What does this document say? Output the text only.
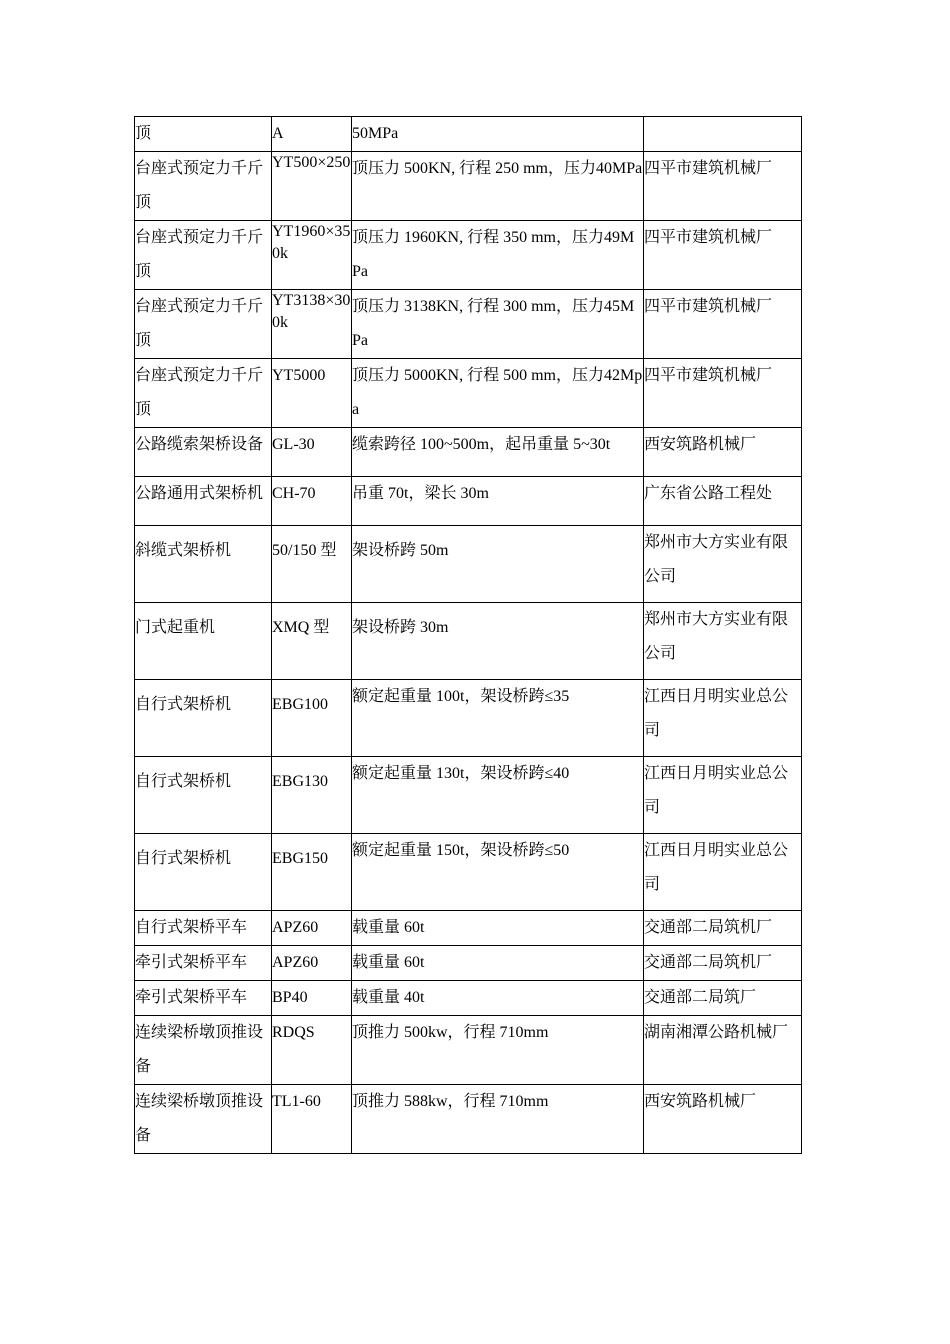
顶	A	50MPa	
台座式预定力千斤顶	YT500×250	顶压力 500KN, 行程 250 mm，压力40MPa	四平市建筑机械厂
台座式预定力千斤顶	YT1960×350k	顶压力 1960KN, 行程 350 mm，压力49MPa	四平市建筑机械厂
台座式预定力千斤顶	YT3138×300k	顶压力 3138KN, 行程 300 mm，压力45MPa	四平市建筑机械厂
台座式预定力千斤顶	YT5000	顶压力 5000KN, 行程 500 mm，压力42Mpa	四平市建筑机械厂
公路缆索架桥设备	GL-30	缆索跨径 100~500m，起吊重量 5~30t	西安筑路机械厂
公路通用式架桥机	CH-70	吊重 70t，梁长 30m	广东省公路工程处
斜缆式架桥机	50/150 型	架设桥跨 50m	郑州市大方实业有限公司
门式起重机	XMQ 型	架设桥跨 30m	郑州市大方实业有限公司
自行式架桥机	EBG100	额定起重量 100t，架设桥跨≤35	江西日月明实业总公司
自行式架桥机	EBG130	额定起重量 130t，架设桥跨≤40	江西日月明实业总公司
自行式架桥机	EBG150	额定起重量 150t，架设桥跨≤50	江西日月明实业总公司
自行式架桥平车	APZ60	载重量 60t	交通部二局筑机厂
牵引式架桥平车	APZ60	载重量 60t	交通部二局筑机厂
牵引式架桥平车	BP40	载重量 40t	交通部二局筑厂
连续梁桥墩顶推设备	RDQS	顶推力 500kw，行程 710mm	湖南湘潭公路机械厂
连续梁桥墩顶推设备	TL1-60	顶推力 588kw，行程 710mm	西安筑路机械厂
